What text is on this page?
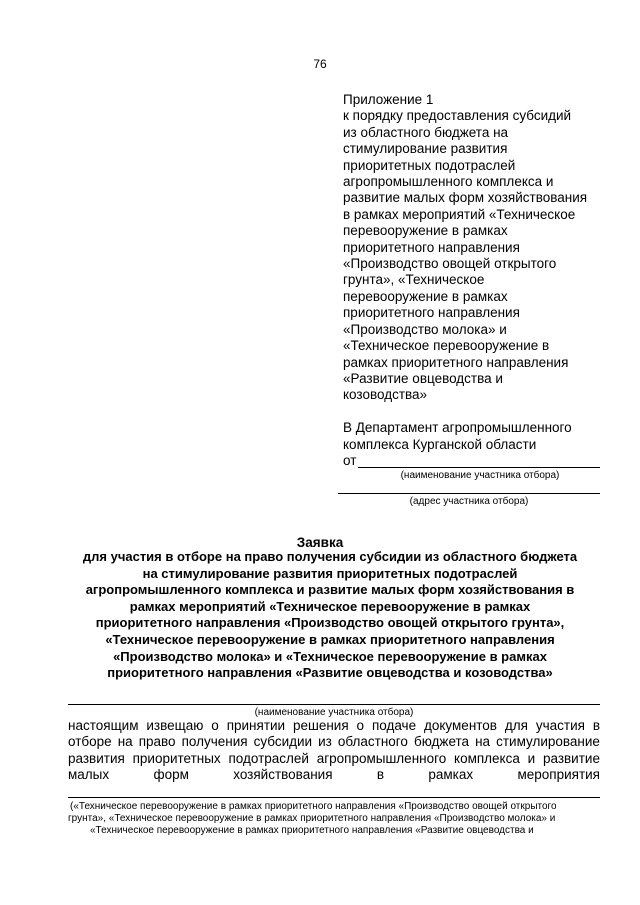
76
Приложение 1
к порядку предоставления субсидий
из областного бюджета на
стимулирование развития
приоритетных подотраслей
агропромышленного комплекса и
развитие малых форм хозяйствования
в рамках мероприятий «Техническое
перевооружение в рамках
приоритетного направления
«Производство овощей открытого
грунта», «Техническое
перевооружение в рамках
приоритетного направления
«Производство молока» и
«Техническое перевооружение в
рамках приоритетного направления
«Развитие овцеводства и
козоводства»
В Департамент агропромышленного
комплекса Курганской области
от
(наименование участника отбора)
(адрес участника отбора)
Заявка
для участия в отборе на право получения субсидии из областного бюджета
на стимулирование развития приоритетных подотраслей
агропромышленного комплекса и развитие малых форм хозяйствования в
рамках мероприятий «Техническое перевооружение в рамках
приоритетного направления «Производство овощей открытого грунта»,
«Техническое перевооружение в рамках приоритетного направления
«Производство молока» и «Техническое перевооружение в рамках
приоритетного направления «Развитие овцеводства и козоводства»
(наименование участника отбора)
настоящим извещаю о принятии решения о подаче документов для участия в
отборе на право получения субсидии из областного бюджета на стимулирование
развития приоритетных подотраслей агропромышленного комплекса и развитие
малых	форм	хозяйствования	в	рамках	мероприятия
(«Техническое перевооружение в рамках приоритетного направления «Производство овощей открытого
грунта», «Техническое перевооружение в рамках приоритетного направления «Производство молока» и
«Техническое перевооружение в рамках приоритетного направления «Развитие овцеводства и
